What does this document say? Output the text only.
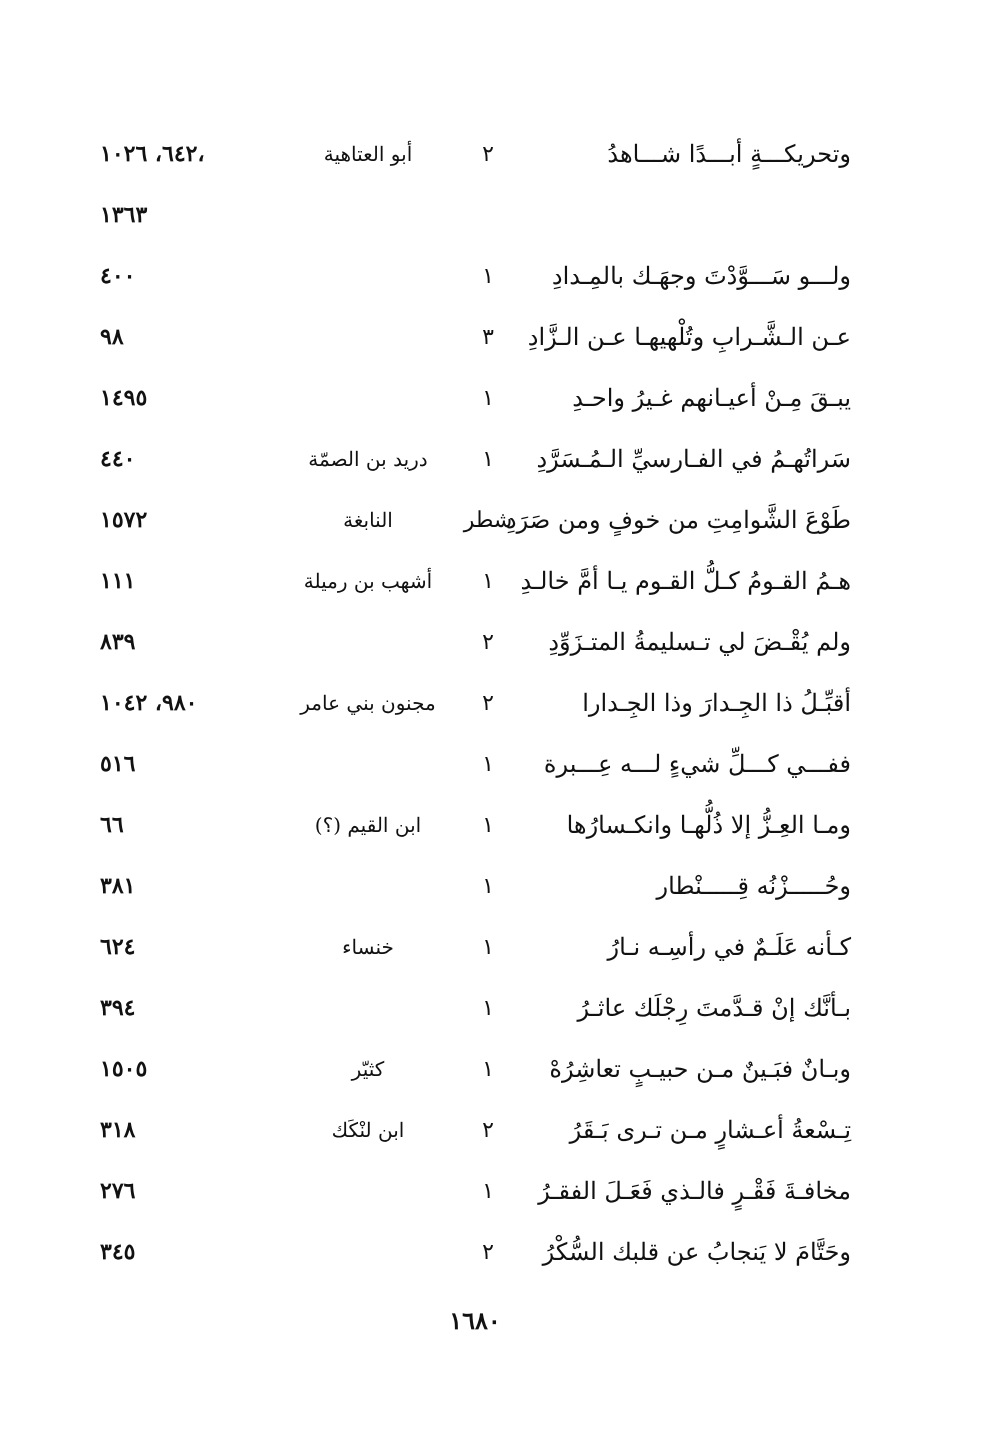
وتحريكـــةٍ أبـــدًا شـــاهدُ
٢
أبو العتاهية
٦٤٢، ١٠٢٦،
١٣٦٣
ولـــو سَـــوَّدْتَ وجهَـك بالمِـدادِ
١
٤٠٠
عـن الـشَّـرابِ وتُلْهيهـا عـن الـزَّادِ
٣
٩٨
يبـقَ مِـنْ أعيـانهم غـيرُ واحـدِ
١
١٤٩٥
سَراتُهـمُ في الفـارسيِّ الـمُـسَرَّدِ
١
دريد بن الصمّة
٤٤٠
طَوْعَ الشَّوامِتِ من خوفٍ ومن صَرَدِ
شطر
النابغة
١٥٧٢
هـمُ القـومُ كـلُّ القـوم يـا أمَّ خالـدِ
١
أشهب بن رميلة
١١١
ولم يُقْـضَ لي تـسليمةُ المتـزَوِّدِ
٢
٨٣٩
أقبِّـلُ ذا الجِـدارَ وذا الجِـدارا
٢
مجنون بني عامر
٩٨٠، ١٠٤٢
ففـــي كـــلِّ شيءٍ لـــه عِـــبرة
١
٥١٦
ومـا العِـزُّ إلا ذُلُّهـا وانكـسارُها
١
ابن القيم (؟)
٦٦
وحُـــــزْنُه قِـــــنْطار
١
٣٨١
كـأنه عَلَـمٌ في رأسِـه نـارُ
١
خنساء
٦٢٤
بـأنَّك إنْ قـدَّمتَ رِجْلَك عاثـرُ
١
٣٩٤
وبـانٌ فبَـينٌ مـن حبيـبٍ تعاشِرُهْ
١
كثيّر
١٥٠٥
تِـسْعةُ أعـشارٍ مـن تـرى بَـقَرُ
٢
ابن لنْكَك
٣١٨
مخافـةَ فَقْـرٍ فالـذي فَعَـلَ الفقـرُ
١
٢٧٦
وحَتَّامَ لا يَنجابُ عن قلبك السُّكْرُ
٢
٣٤٥
١٦٨٠
